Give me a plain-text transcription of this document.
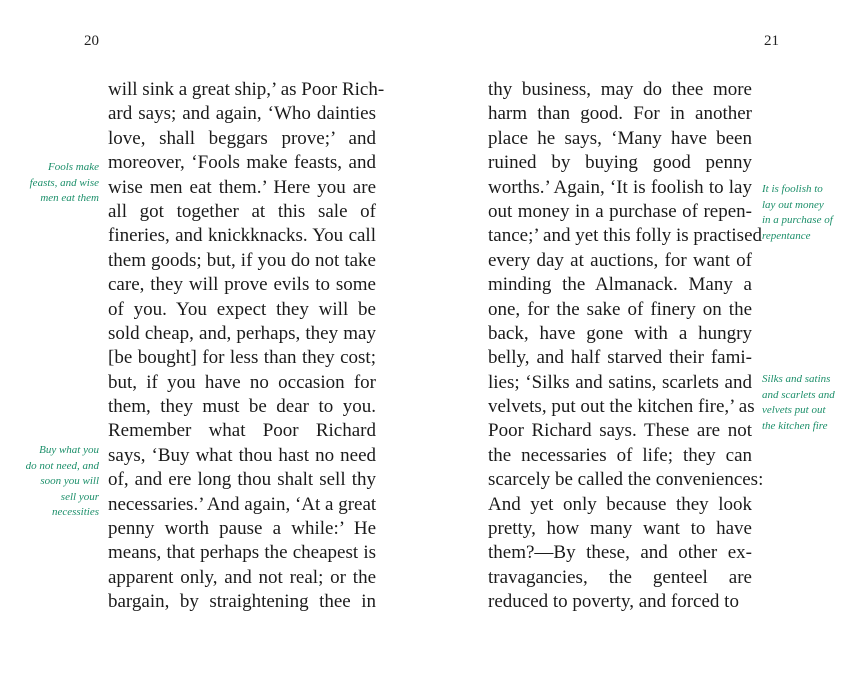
20
will sink a great ship,’ as Poor Rich-
ard says; and again, ‘Who dainties
love, shall beggars prove;’ and
moreover, ‘Fools make feasts, and
wise men eat them.’ Here you are
all got together at this sale of
fineries, and knickknacks. You call
them goods; but, if you do not take
care, they will prove evils to some
of you. You expect they will be
sold cheap, and, perhaps, they may
[be bought] for less than they cost;
but, if you have no occasion for
them, they must be dear to you.
Remember what Poor Richard
says, ‘Buy what thou hast no need
of, and ere long thou shalt sell thy
necessaries.’ And again, ‘At a great
penny worth pause a while:’ He
means, that perhaps the cheapest is
apparent only, and not real; or the
bargain, by straightening thee in
Fools make
feasts, and wise
men eat them
Buy what you
do not need, and
soon you will
sell your
necessities
21
thy business, may do thee more
harm than good. For in another
place he says, ‘Many have been
ruined by buying good penny
worths.’ Again, ‘It is foolish to lay
out money in a purchase of repen-
tance;’ and yet this folly is practised
every day at auctions, for want of
minding the Almanack. Many a
one, for the sake of finery on the
back, have gone with a hungry
belly, and half starved their fami-
lies; ‘Silks and satins, scarlets and
velvets, put out the kitchen fire,’ as
Poor Richard says. These are not
the necessaries of life; they can
scarcely be called the conveniences:
And yet only because they look
pretty, how many want to have
them?—By these, and other ex-
travagancies, the genteel are
reduced to poverty, and forced to
It is foolish to
lay out money
in a purchase of
repentance
Silks and satins
and scarlets and
velvets put out
the kitchen fire
